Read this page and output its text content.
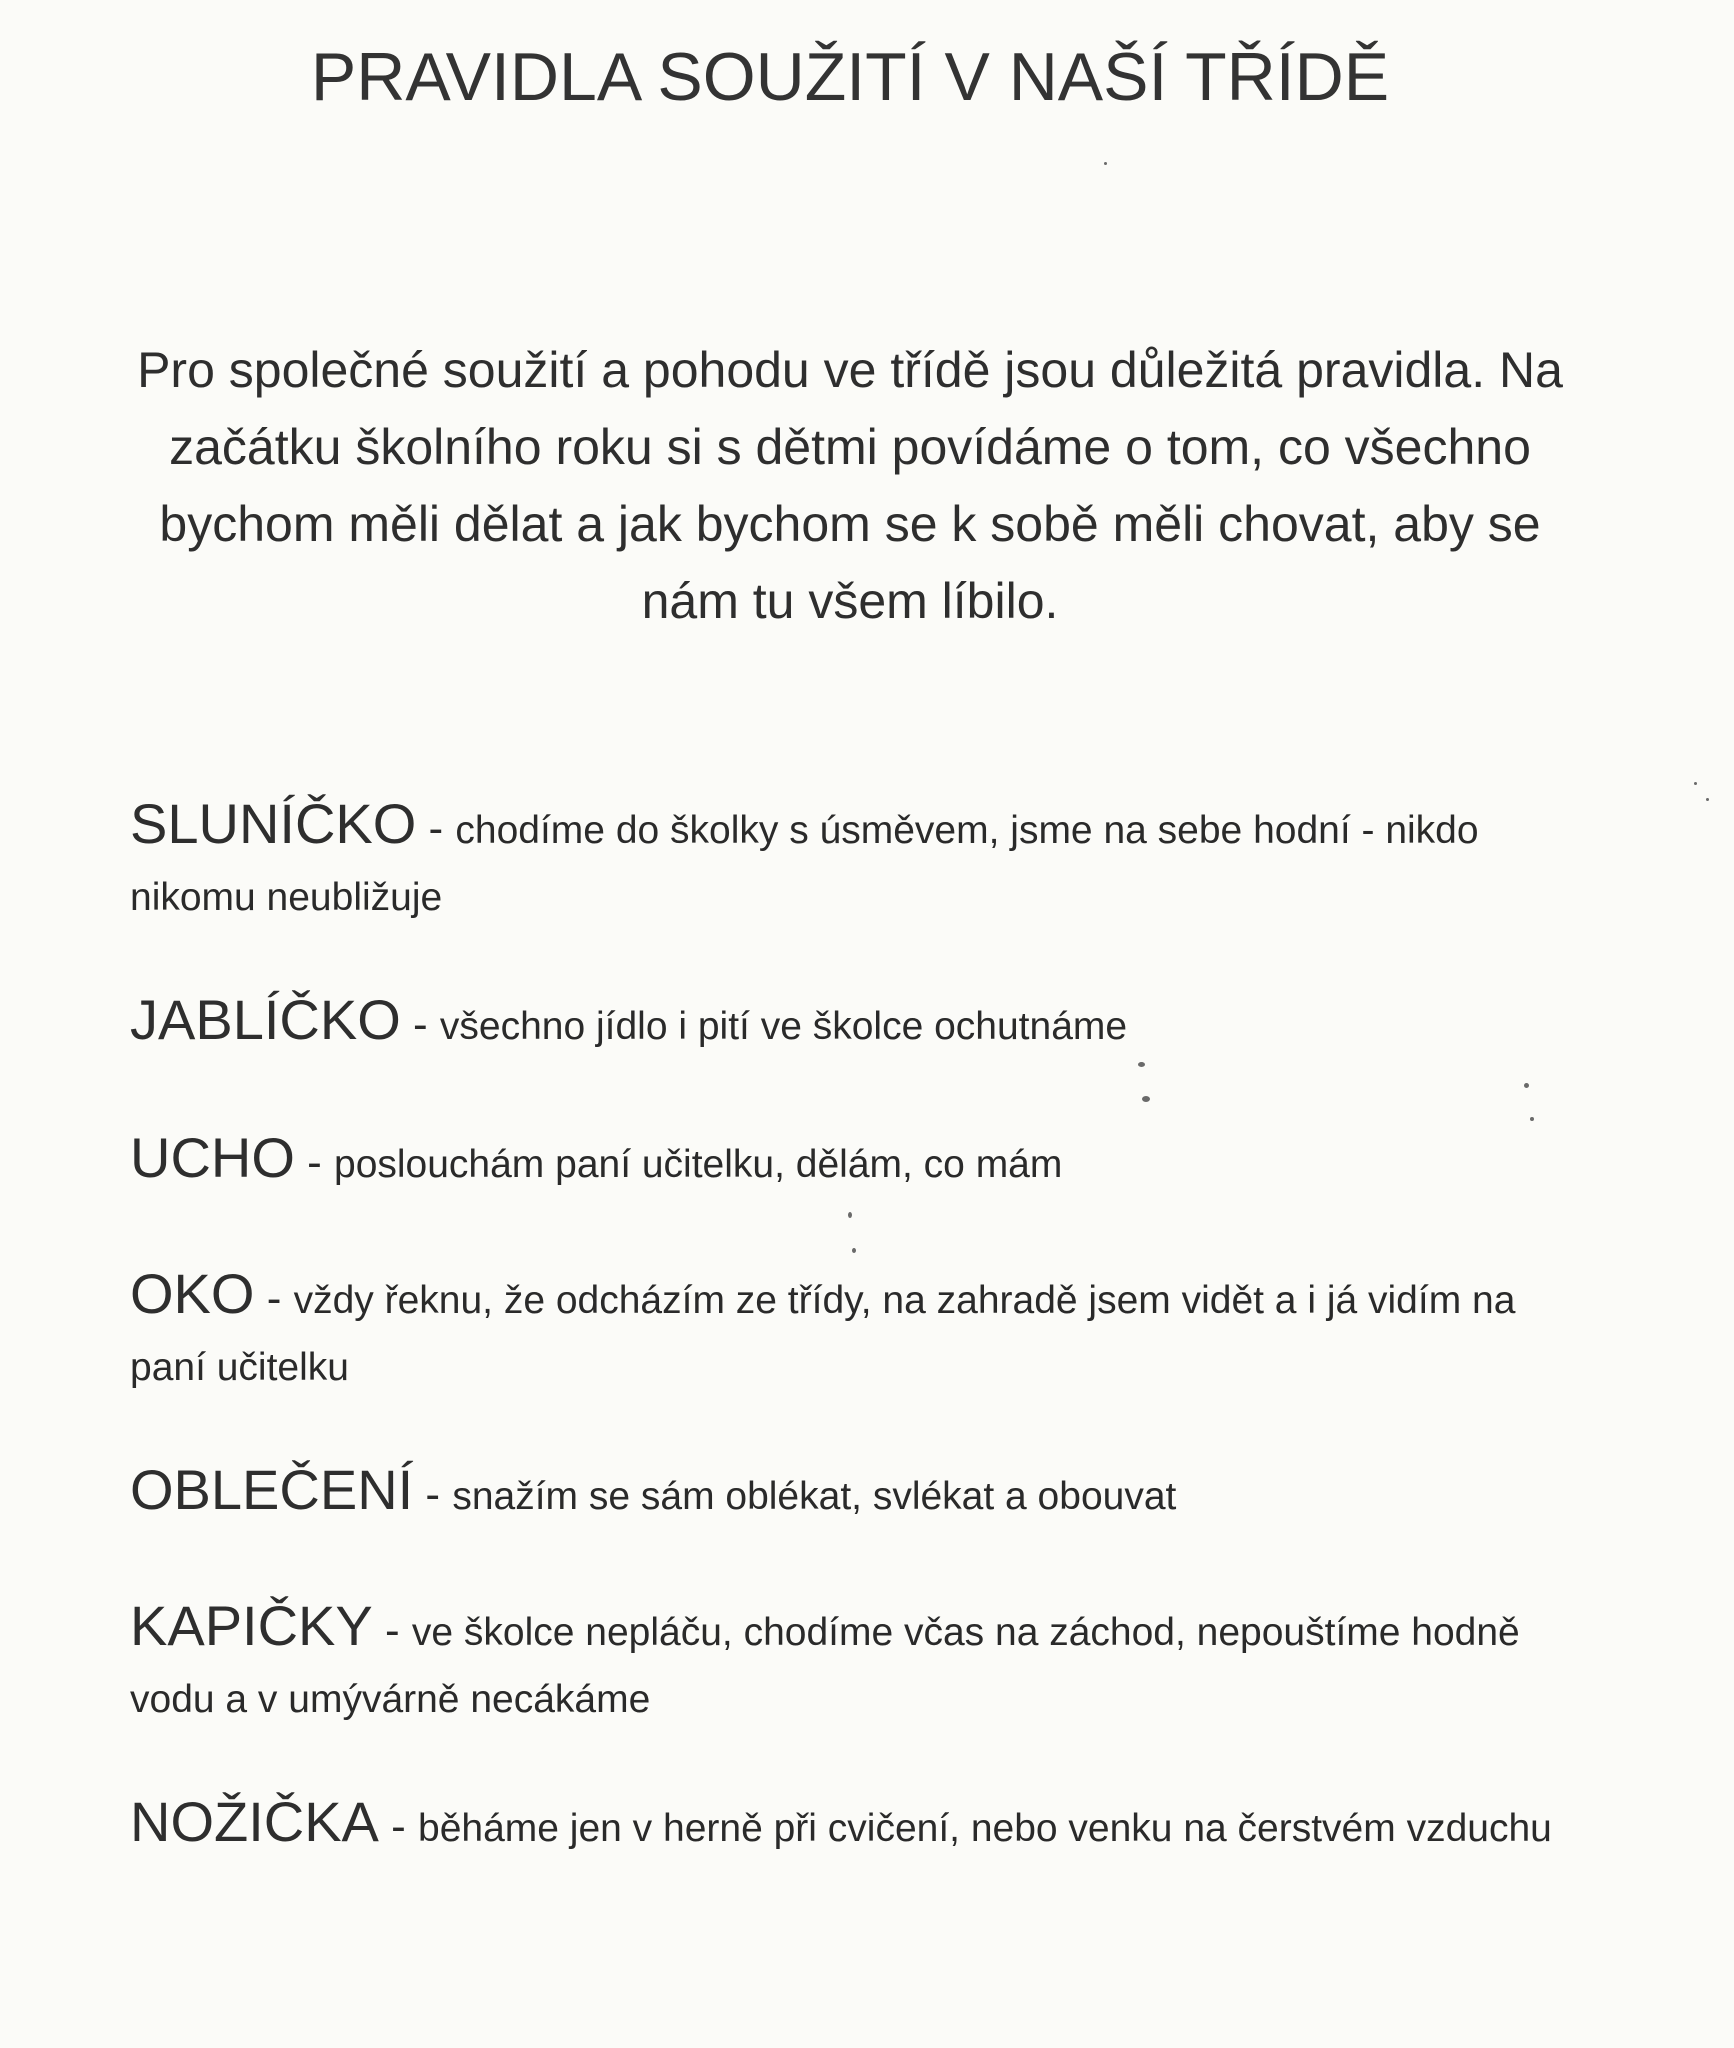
PRAVIDLA SOUŽITÍ V NAŠÍ TŘÍDĚ

Pro společné soužití a pohodu ve třídě jsou důležitá pravidla. Na začátku školního roku si s dětmi povídáme o tom, co všechno bychom měli dělat a jak bychom se k sobě měli chovat, aby se nám tu všem líbilo.

SLUNÍČKO - chodíme do školky s úsměvem, jsme na sebe hodní - nikdo nikomu neubližuje
JABLÍČKO - všechno jídlo i pití ve školce ochutnáme
UCHO - poslouchám paní učitelku, dělám, co mám
OKO - vždy řeknu, že odcházím ze třídy, na zahradě jsem vidět a i já vidím na paní učitelku
OBLEČENÍ - snažím se sám oblékat, svlékat a obouvat
KAPIČKY - ve školce nepláču, chodíme včas na záchod, nepouštíme hodně vodu a v umývárně necákáme
NOŽIČKA - běháme jen v herně při cvičení, nebo venku na čerstvém vzduchu
